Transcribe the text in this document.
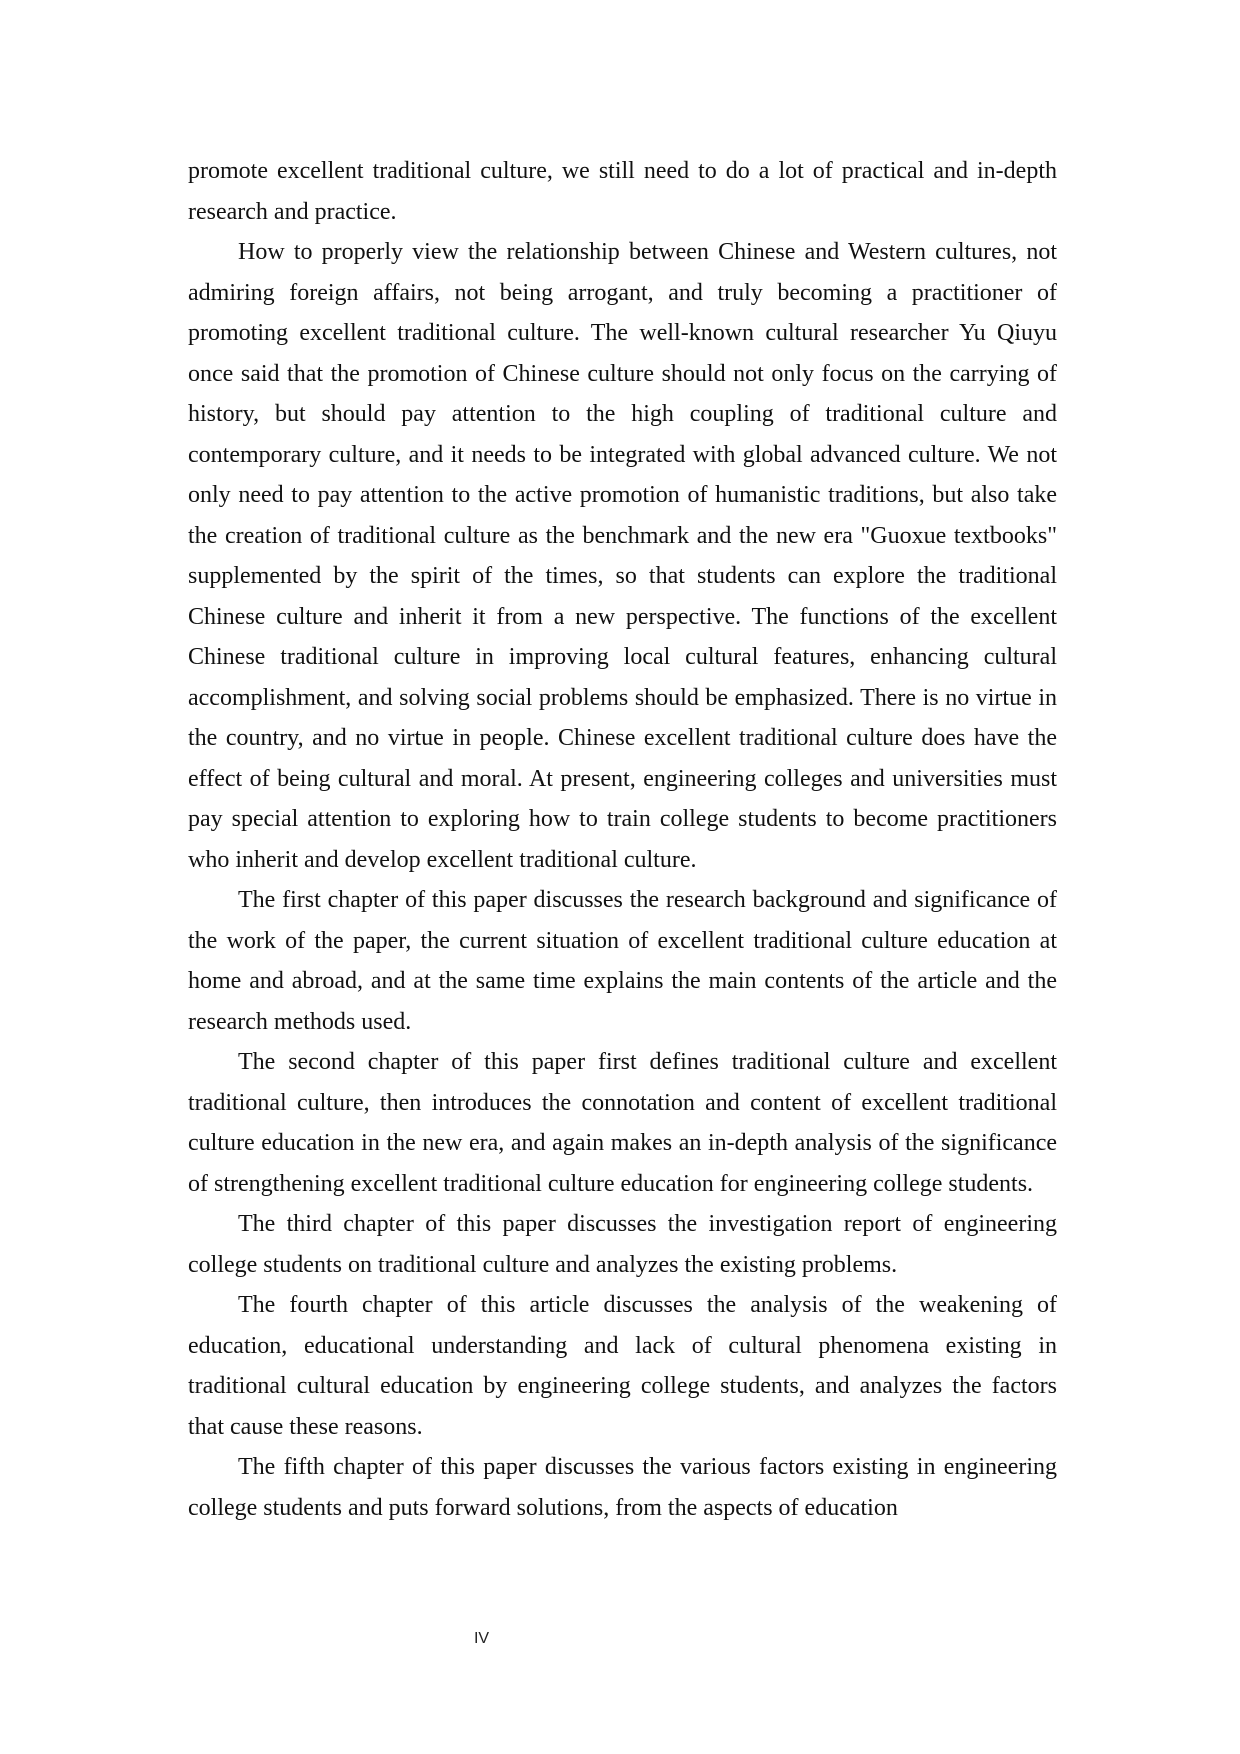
promote excellent traditional culture, we still need to do a lot of practical and in-depth research and practice.

How to properly view the relationship between Chinese and Western cultures, not admiring foreign affairs, not being arrogant, and truly becoming a practitioner of promoting excellent traditional culture. The well-known cultural researcher Yu Qiuyu once said that the promotion of Chinese culture should not only focus on the carrying of history, but should pay attention to the high coupling of traditional culture and contemporary culture, and it needs to be integrated with global advanced culture. We not only need to pay attention to the active promotion of humanistic traditions, but also take the creation of traditional culture as the benchmark and the new era "Guoxue textbooks" supplemented by the spirit of the times, so that students can explore the traditional Chinese culture and inherit it from a new perspective. The functions of the excellent Chinese traditional culture in improving local cultural features, enhancing cultural accomplishment, and solving social problems should be emphasized. There is no virtue in the country, and no virtue in people. Chinese excellent traditional culture does have the effect of being cultural and moral. At present, engineering colleges and universities must pay special attention to exploring how to train college students to become practitioners who inherit and develop excellent traditional culture.

The first chapter of this paper discusses the research background and significance of the work of the paper, the current situation of excellent traditional culture education at home and abroad, and at the same time explains the main contents of the article and the research methods used.

The second chapter of this paper first defines traditional culture and excellent traditional culture, then introduces the connotation and content of excellent traditional culture education in the new era, and again makes an in-depth analysis of the significance of strengthening excellent traditional culture education for engineering college students.

The third chapter of this paper discusses the investigation report of engineering college students on traditional culture and analyzes the existing problems.

The fourth chapter of this article discusses the analysis of the weakening of education, educational understanding and lack of cultural phenomena existing in traditional cultural education by engineering college students, and analyzes the factors that cause these reasons.

The fifth chapter of this paper discusses the various factors existing in engineering college students and puts forward solutions, from the aspects of education

IV
